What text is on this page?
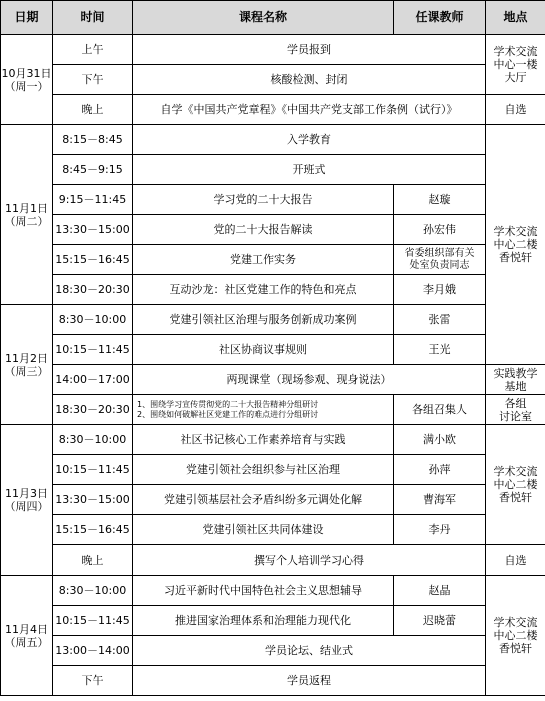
日期	时间	课程名称	任课教师	地点

10月31日
（周一）	上午	学员报到		学术交流
中心一楼
大厅

	下午	核酸检测、封闭		
	晚上	自学《中国共产党章程》《中国共产党支部工作条例（试行）》		自选

11月1日
（周二）	8:15－8:45	入学教育		学术交流
中心二楼
香悦轩

	8:45－9:15	开班式		
	9:15－11:45	学习党的二十大报告	赵璇	
	13:30－15:00	党的二十大报告解读	孙宏伟	
	15:15－16:45	党建工作实务	省委组织部有关
处室负责同志	

	18:30－20:30	互动沙龙：社区党建工作的特色和亮点	李月娥	

11月2日
（周三）	8:30－10:00	党建引领社区治理与服务创新成功案例	张雷	
	10:15－11:45	社区协商议事规则	王光	
	14:00－17:00	两现课堂（现场参观、现身说法）		实践教学
基地

	18:30－20:30	1、围绕学习宣传贯彻党的二十大报告精神分组研讨
2、围绕如何破解社区党建工作的难点进行分组研讨	各组召集人	各组
讨论室

11月3日
（周四）	8:30－10:00	社区书记核心工作素养培育与实践	满小欧	学术交流
中心二楼
香悦轩

	10:15－11:45	党建引领社会组织参与社区治理	孙萍	
	13:30－15:00	党建引领基层社会矛盾纠纷多元调处化解	曹海军	
	15:15－16:45	党建引领社区共同体建设	李丹	
	晚上	撰写个人培训学习心得		自选

11月4日
（周五）	8:30－10:00	习近平新时代中国特色社会主义思想辅导	赵晶	学术交流
中心二楼
香悦轩

	10:15－11:45	推进国家治理体系和治理能力现代化	迟晓蕾	
	13:00－14:00	学员论坛、结业式		
	下午	学员返程		
